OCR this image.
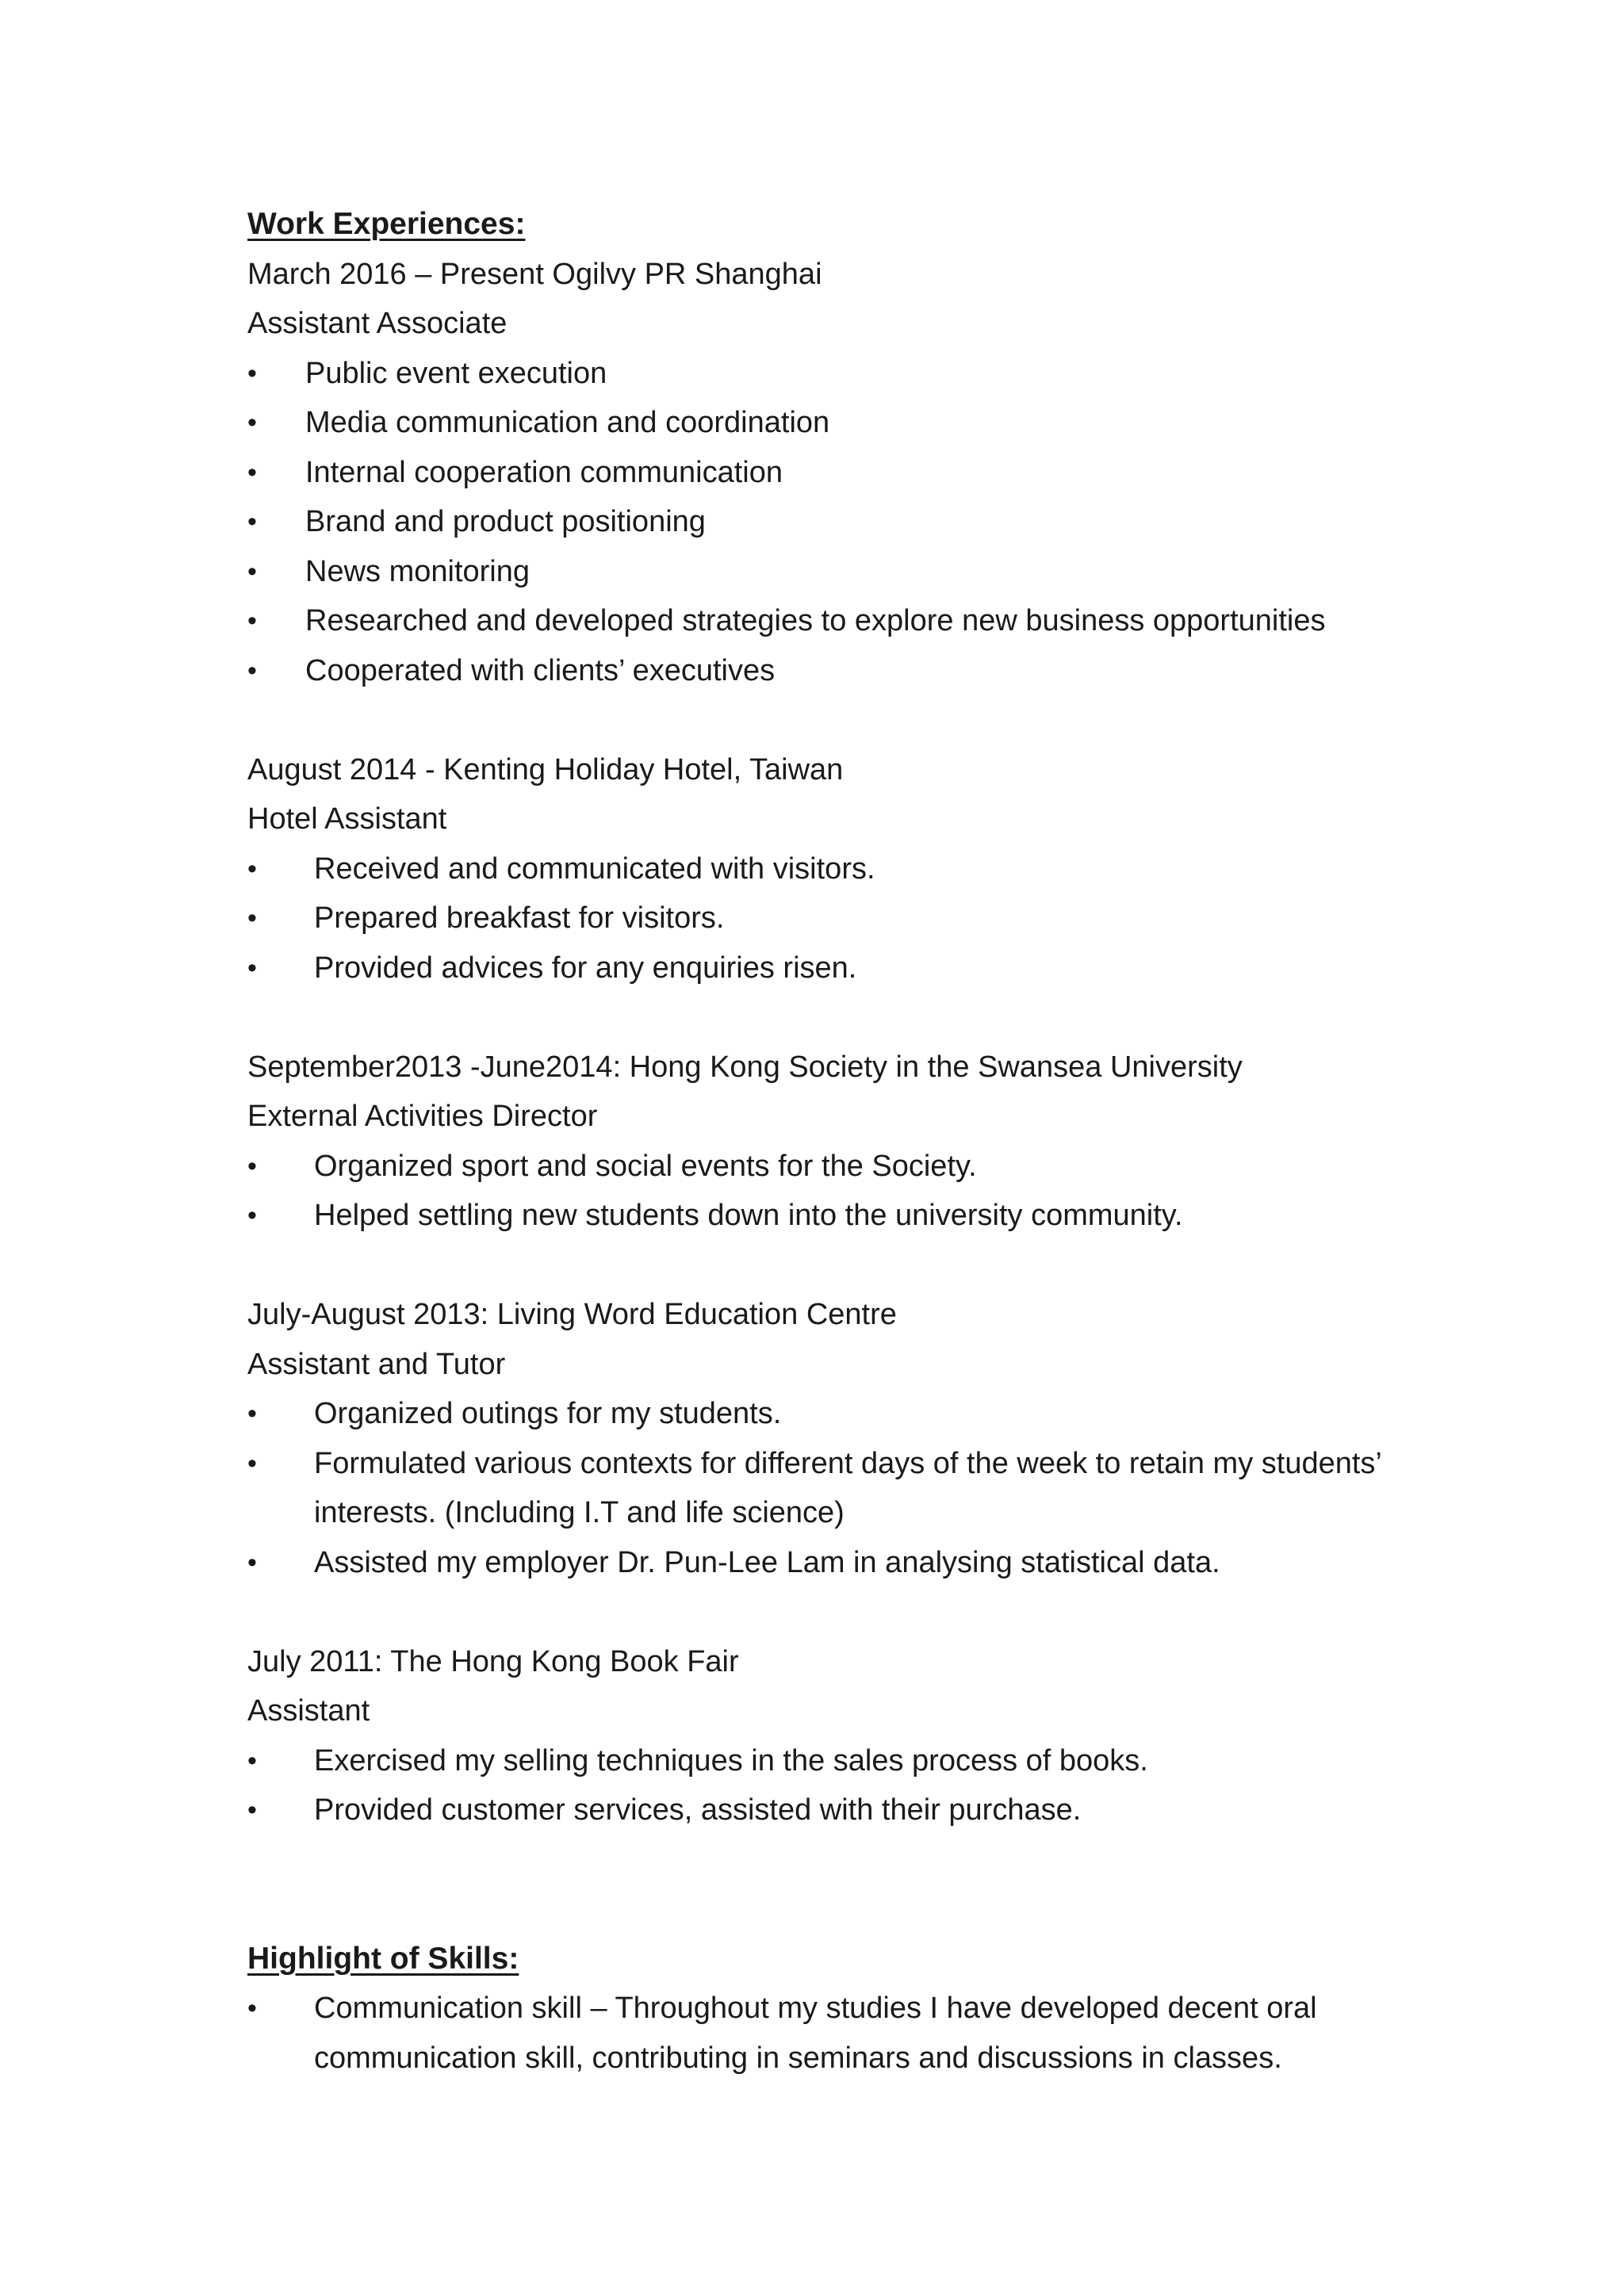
Work Experiences:
March 2016 – Present Ogilvy PR Shanghai
Assistant Associate
•	Public event execution
•	Media communication and coordination
•	Internal cooperation communication
•	Brand and product positioning
•	News monitoring
•	Researched and developed strategies to explore new business opportunities
•	Cooperated with clients’ executives
August 2014 - Kenting Holiday Hotel, Taiwan
Hotel Assistant
•	Received and communicated with visitors.
•	Prepared breakfast for visitors.
•	Provided advices for any enquiries risen.
September2013 -June2014: Hong Kong Society in the Swansea University
External Activities Director
•	Organized sport and social events for the Society.
•	Helped settling new students down into the university community.
July-August 2013: Living Word Education Centre
Assistant and Tutor
•	Organized outings for my students.
•	Formulated various contexts for different days of the week to retain my students’
interests. (Including I.T and life science)
•	Assisted my employer Dr. Pun-Lee Lam in analysing statistical data.
July 2011: The Hong Kong Book Fair
Assistant
•	Exercised my selling techniques in the sales process of books.
•	Provided customer services, assisted with their purchase.
Highlight of Skills:
•	Communication skill – Throughout my studies I have developed decent oral
communication skill, contributing in seminars and discussions in classes.
